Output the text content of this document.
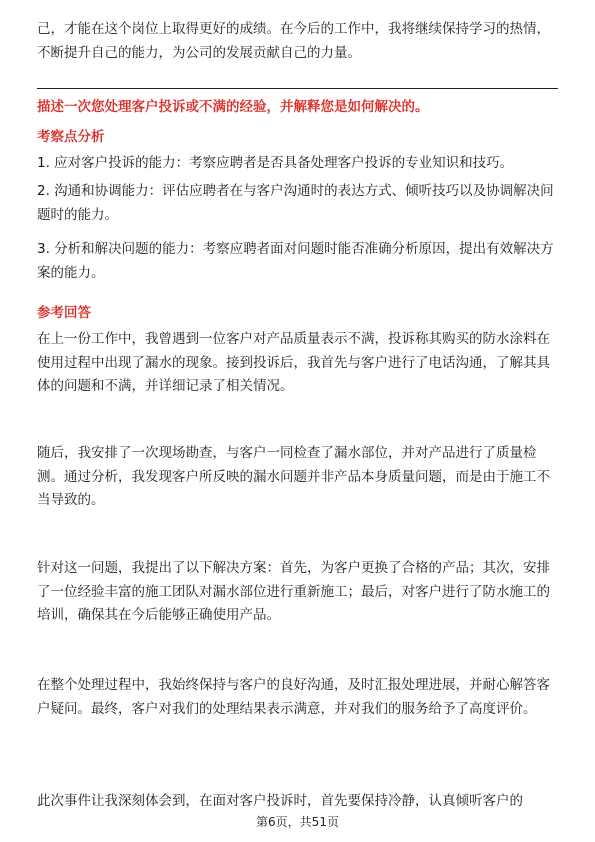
己，才能在这个岗位上取得更好的成绩。在今后的工作中，我将继续保持学习的热情，不断提升自己的能力，为公司的发展贡献自己的力量。

描述一次您处理客户投诉或不满的经验，并解释您是如何解决的。

考察点分析

1. 应对客户投诉的能力：考察应聘者是否具备处理客户投诉的专业知识和技巧。

2. 沟通和协调能力：评估应聘者在与客户沟通时的表达方式、倾听技巧以及协调解决问题时的能力。

3. 分析和解决问题的能力：考察应聘者面对问题时能否准确分析原因，提出有效解决方案的能力。

参考回答

在上一份工作中，我曾遇到一位客户对产品质量表示不满，投诉称其购买的防水涂料在使用过程中出现了漏水的现象。接到投诉后，我首先与客户进行了电话沟通，了解其具体的问题和不满，并详细记录了相关情况。

随后，我安排了一次现场勘查，与客户一同检查了漏水部位，并对产品进行了质量检测。通过分析，我发现客户所反映的漏水问题并非产品本身质量问题，而是由于施工不当导致的。

针对这一问题，我提出了以下解决方案：首先，为客户更换了合格的产品；其次，安排了一位经验丰富的施工团队对漏水部位进行重新施工；最后，对客户进行了防水施工的培训，确保其在今后能够正确使用产品。

在整个处理过程中，我始终保持与客户的良好沟通，及时汇报处理进展，并耐心解答客户疑问。最终，客户对我们的处理结果表示满意，并对我们的服务给予了高度评价。

此次事件让我深刻体会到，在面对客户投诉时，首先要保持冷静，认真倾听客户的

第6页，共51页
